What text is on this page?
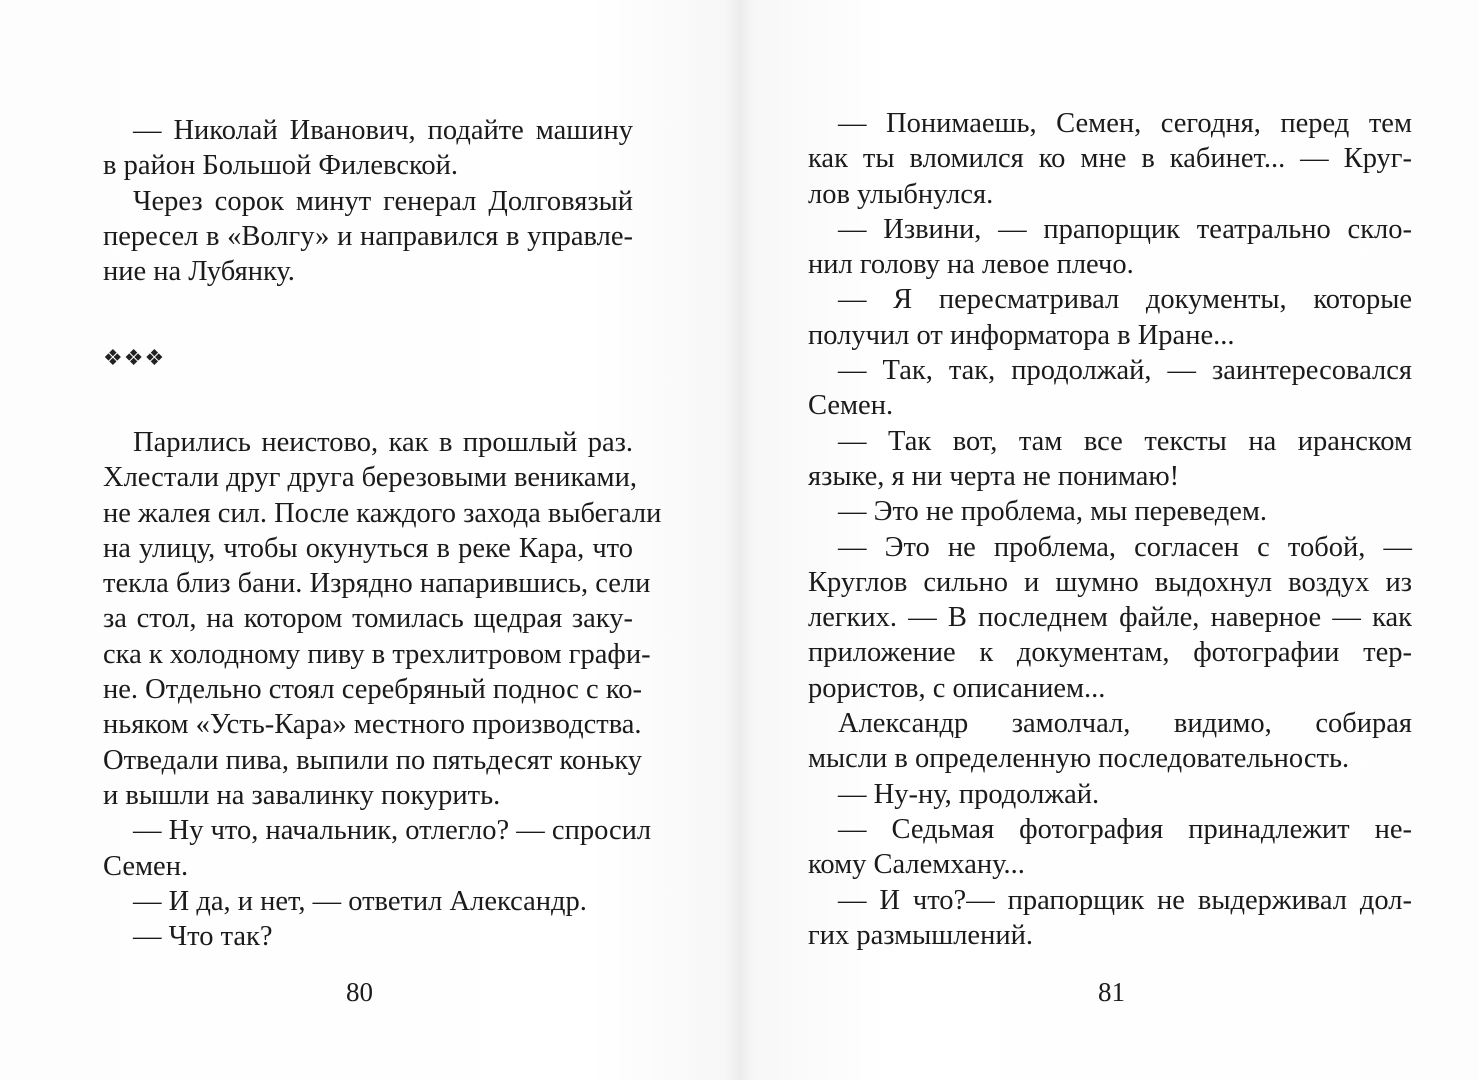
— Николай Иванович, подайте машину
в район Большой Филевской.

Через сорок минут генерал Долговязый
пересел в «Волгу» и направился в управле-
ние на Лубянку.

❖❖❖

Парились неистово, как в прошлый раз.
Хлестали друг друга березовыми вениками,
не жалея сил. После каждого захода выбегали
на улицу, чтобы окунуться в реке Кара, что
текла близ бани. Изрядно напарившись, сели
за стол, на котором томилась щедрая заку-
ска к холодному пиву в трехлитровом графи-
не. Отдельно стоял серебряный поднос с ко-
ньяком «Усть-Кара» местного производства.
Отведали пива, выпили по пятьдесят коньку
и вышли на завалинку покурить.

— Ну что, начальник, отлегло? — спросил
Семен.

— И да, и нет, — ответил Александр.

— Что так?

80

— Понимаешь, Семен, сегодня, перед тем
как ты вломился ко мне в кабинет... — Круг-
лов улыбнулся.

— Извини, — прапорщик театрально скло-
нил голову на левое плечо.

— Я пересматривал документы, которые
получил от информатора в Иране...

— Так, так, продолжай, — заинтересовался
Семен.

— Так вот, там все тексты на иранском
языке, я ни черта не понимаю!

— Это не проблема, мы переведем.

— Это не проблема, согласен с тобой, —
Круглов сильно и шумно выдохнул воздух из
легких. — В последнем файле, наверное — как
приложение к документам, фотографии тер-
рористов, с описанием...

Александр замолчал, видимо, собирая
мысли в определенную последовательность.

— Ну-ну, продолжай.

— Седьмая фотография принадлежит не-
кому Салемхану...

— И что?— прапорщик не выдерживал дол-
гих размышлений.

81
